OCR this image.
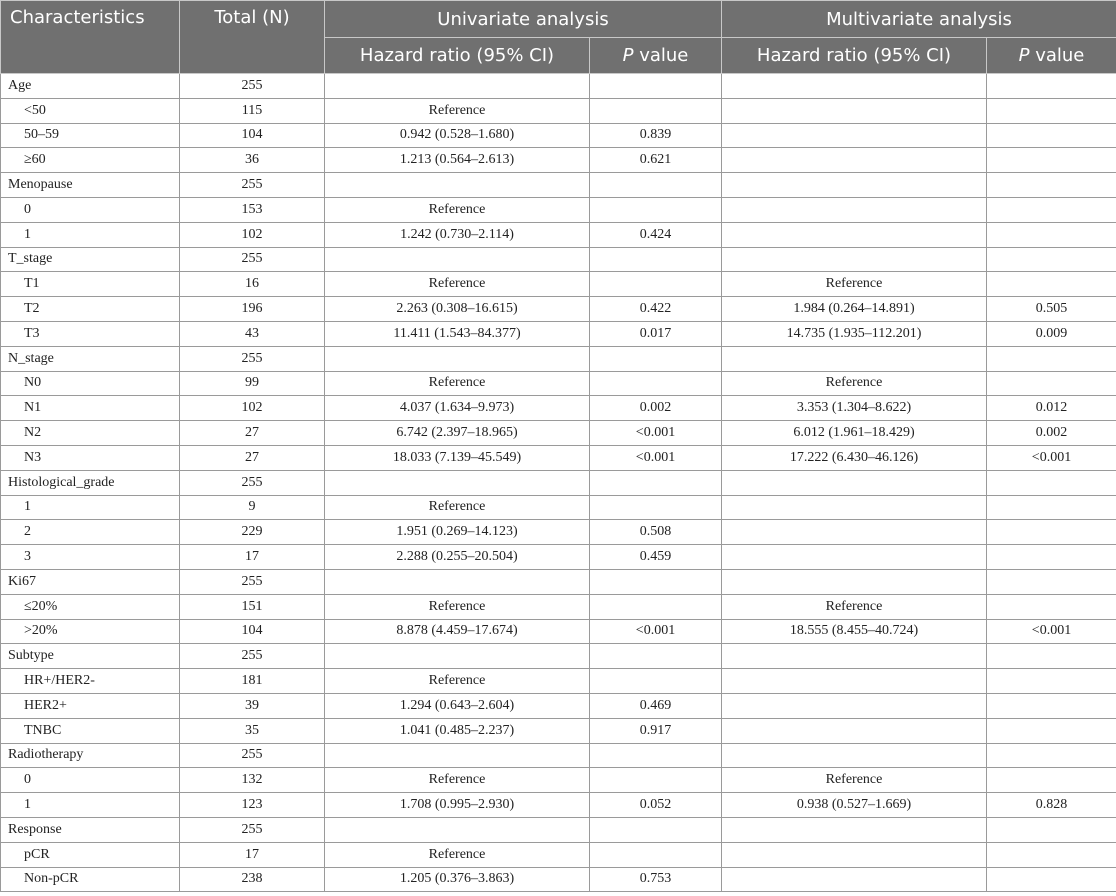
Characteristics	Total (N)	Univariate analysis		Multivariate analysis	
		Hazard ratio (95% CI)	P value	Hazard ratio (95% CI)	P value
Age	255				
<50	115	Reference			
50–59	104	0.942 (0.528–1.680)	0.839		
≥60	36	1.213 (0.564–2.613)	0.621		
Menopause	255				
0	153	Reference			
1	102	1.242 (0.730–2.114)	0.424		
T_stage	255				
T1	16	Reference		Reference	
T2	196	2.263 (0.308–16.615)	0.422	1.984 (0.264–14.891)	0.505
T3	43	11.411 (1.543–84.377)	0.017	14.735 (1.935–112.201)	0.009
N_stage	255				
N0	99	Reference		Reference	
N1	102	4.037 (1.634–9.973)	0.002	3.353 (1.304–8.622)	0.012
N2	27	6.742 (2.397–18.965)	<0.001	6.012 (1.961–18.429)	0.002
N3	27	18.033 (7.139–45.549)	<0.001	17.222 (6.430–46.126)	<0.001
Histological_grade	255				
1	9	Reference			
2	229	1.951 (0.269–14.123)	0.508		
3	17	2.288 (0.255–20.504)	0.459		
Ki67	255				
≤20%	151	Reference		Reference	
>20%	104	8.878 (4.459–17.674)	<0.001	18.555 (8.455–40.724)	<0.001
Subtype	255				
HR+/HER2-	181	Reference			
HER2+	39	1.294 (0.643–2.604)	0.469		
TNBC	35	1.041 (0.485–2.237)	0.917		
Radiotherapy	255				
0	132	Reference		Reference	
1	123	1.708 (0.995–2.930)	0.052	0.938 (0.527–1.669)	0.828
Response	255				
pCR	17	Reference			
Non-pCR	238	1.205 (0.376–3.863)	0.753		
